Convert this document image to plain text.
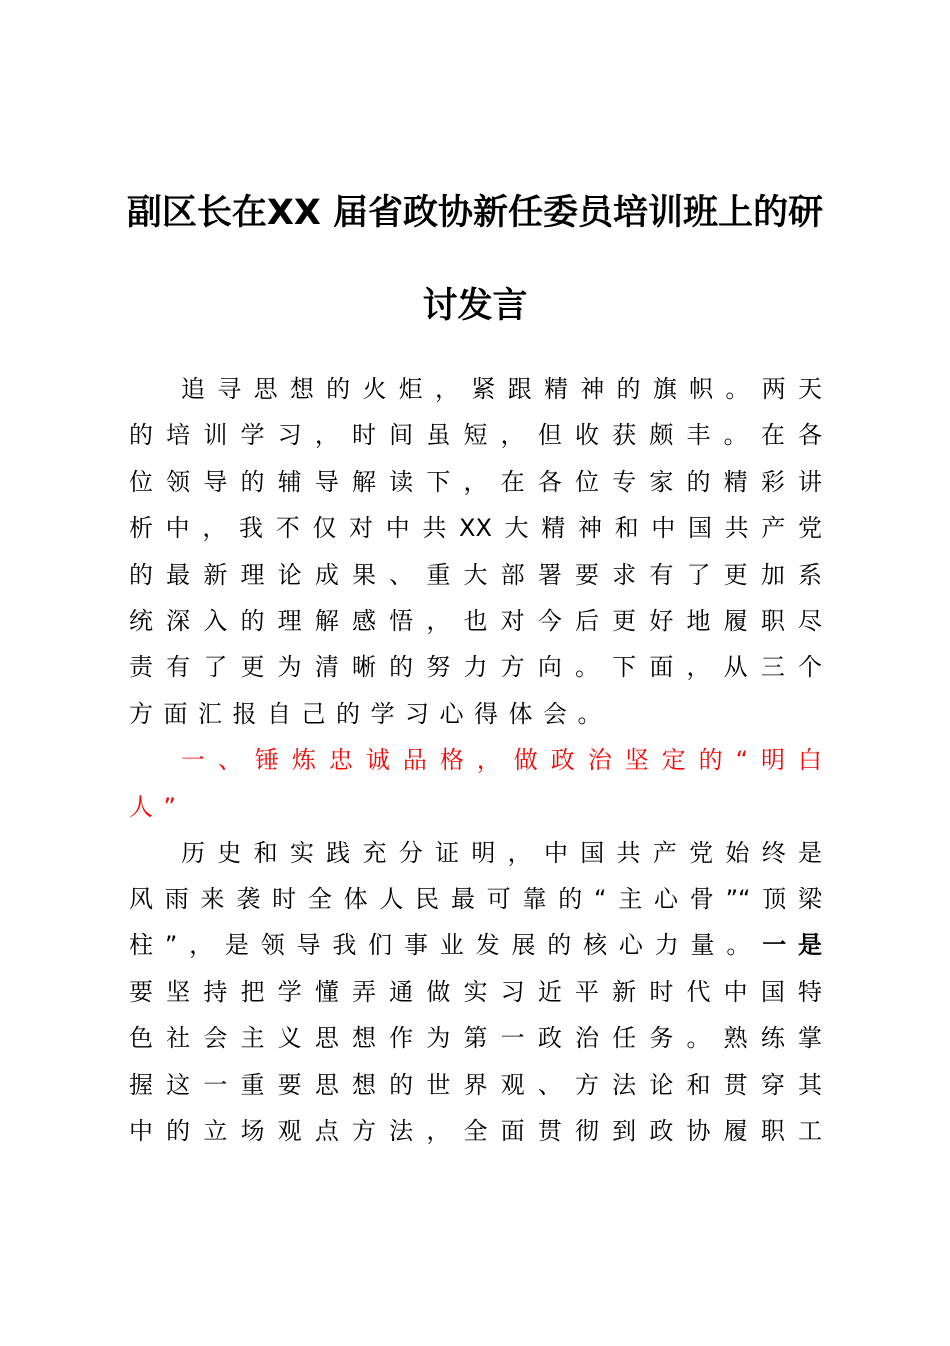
副区长在XX 届省政协新任委员培训班上的研
讨发言
追寻思想的火炬，紧跟精神的旗帜。两天
的培训学习，时间虽短，但收获颇丰。在各
位领导的辅导解读下，在各位专家的精彩讲
析中，我不仅对中共XX大精神和中国共产党
的最新理论成果、重大部署要求有了更加系
统深入的理解感悟，也对今后更好地履职尽
责有了更为清晰的努力方向。下面，从三个
方面汇报自己的学习心得体会。
一、锤炼忠诚品格，做政治坚定的“明白
人”
历史和实践充分证明，中国共产党始终是
风雨来袭时全体人民最可靠的“主心骨”“顶梁
柱”，是领导我们事业发展的核心力量。一是
要坚持把学懂弄通做实习近平新时代中国特
色社会主义思想作为第一政治任务。熟练掌
握这一重要思想的世界观、方法论和贯穿其
中的立场观点方法，全面贯彻到政协履职工
